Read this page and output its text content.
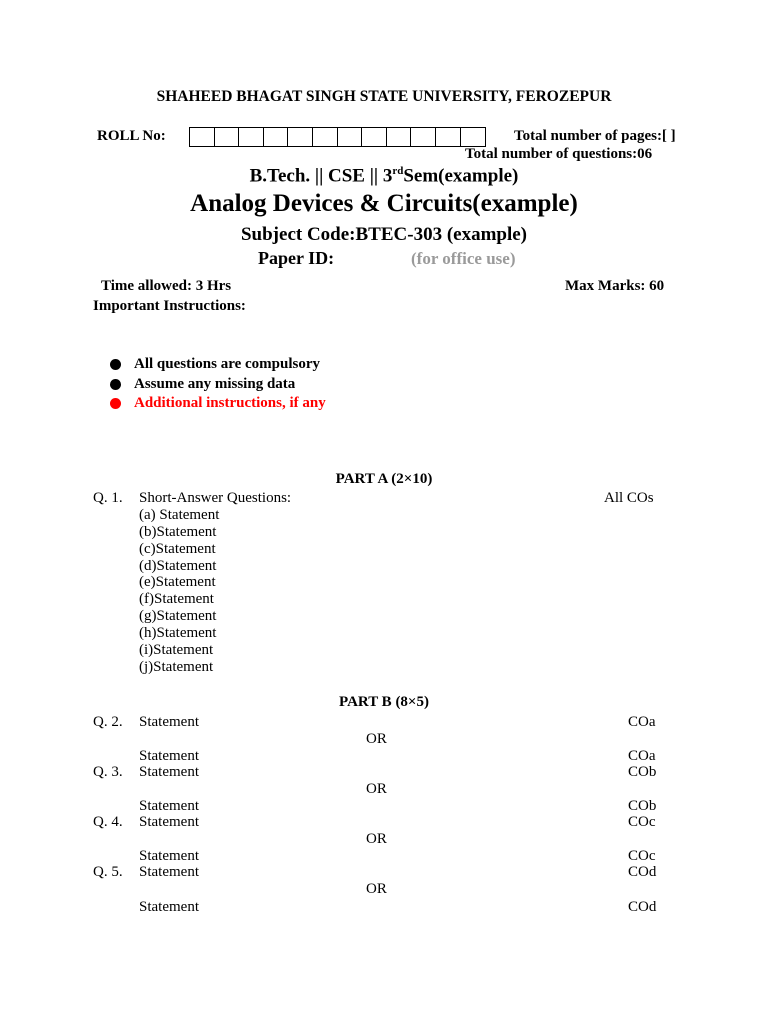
SHAHEED BHAGAT SINGH STATE UNIVERSITY, FEROZEPUR
ROLL No:	Total number of pages:[ ]
Total number of questions:06
B.Tech. || CSE || 3rdSem(example)
Analog Devices & Circuits(example)
Subject Code:BTEC-303 (example)
Paper ID:	(for office use)
Time allowed: 3 Hrs	Max Marks: 60
Important Instructions:
All questions are compulsory
Assume any missing data
Additional instructions, if any
PART A (2×10)
Q. 1. Short-Answer Questions:	All COs
(a) Statement
(b)Statement
(c)Statement
(d)Statement
(e)Statement
(f)Statement
(g)Statement
(h)Statement
(i)Statement
(j)Statement
PART B (8×5)
Q. 2. Statement	COa
OR
Statement	COa
Q. 3. Statement	COb
OR
Statement	COb
Q. 4. Statement	COc
OR
Statement	COc
Q. 5. Statement	COd
OR
Statement	COd
